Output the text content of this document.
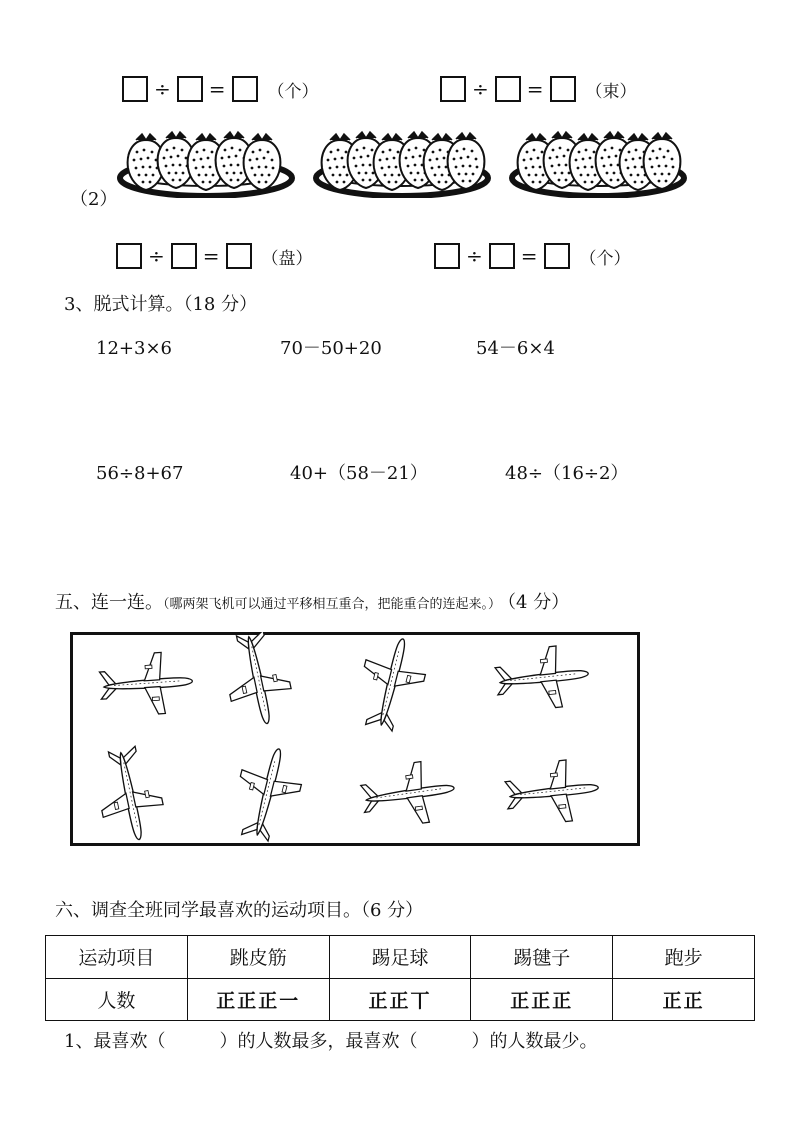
÷ = （个）	÷ = （束）
（2）
÷ = （盘）	÷ = （个）
3、脱式计算。（18 分）
12+3×6	70－50+20	54－6×4
56÷8+67	40+（58－21）	48÷（16÷2）
五、连一连。（哪两架飞机可以通过平移相互重合，把能重合的连起来。） （4 分）
六、调查全班同学最喜欢的运动项目。（6 分）
运动项目	跳皮筋	踢足球	踢毽子	跑步
人数	正正正一	正正丅	正正正	正正
1、最喜欢（　　　）的人数最多，最喜欢（　　　）的人数最少。
